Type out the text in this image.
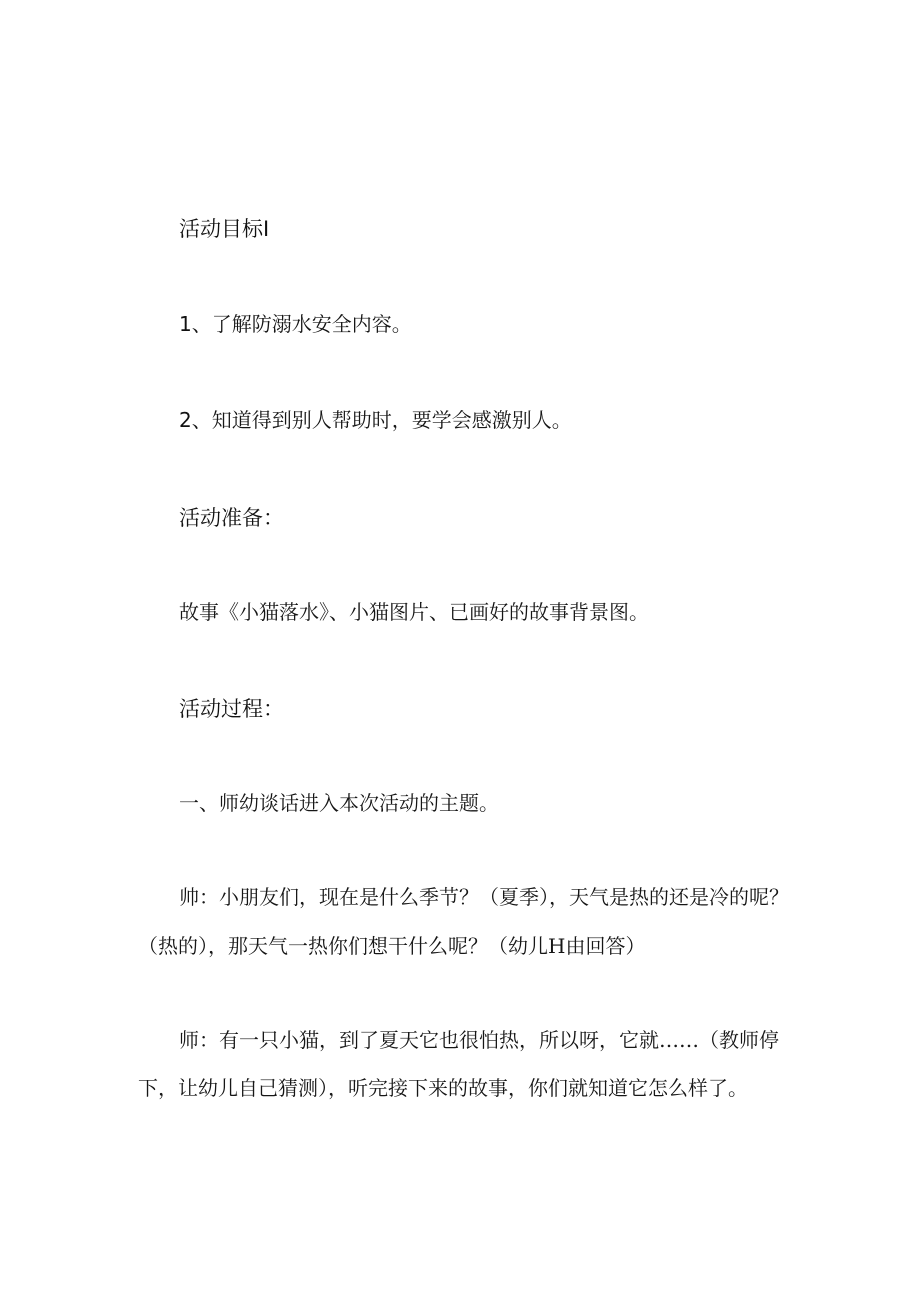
活动目标I
1、了解防溺水安全内容。
2、知道得到别人帮助时，要学会感激别人。
活动准备：
故事《小猫落水》、小猫图片、已画好的故事背景图。
活动过程：
一、师幼谈话进入本次活动的主题。
帅：小朋友们，现在是什么季节？（夏季），天气是热的还是冷的呢？
（热的），那天气一热你们想干什么呢？（幼儿H由回答）
师：有一只小猫，到了夏天它也很怕热，所以呀，它就……（教师停
下，让幼儿自己猜测），听完接下来的故事，你们就知道它怎么样了。
